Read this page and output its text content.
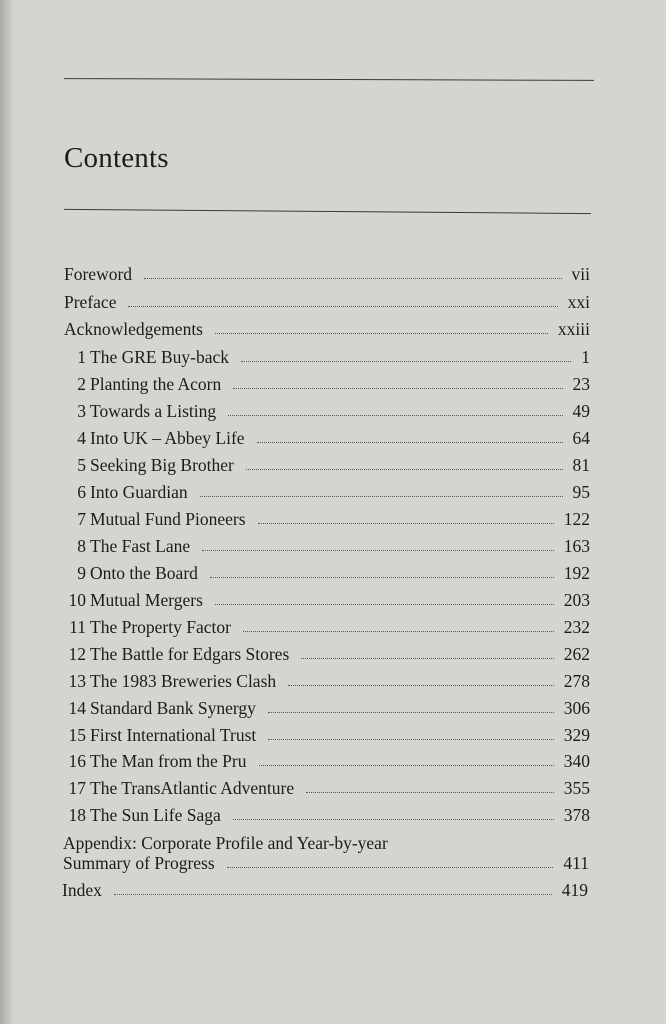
Contents
Foreword	vii
Preface	xxi
Acknowledgements	xxiii
1 The GRE Buy-back	1
2 Planting the Acorn	23
3 Towards a Listing	49
4 Into UK – Abbey Life	64
5 Seeking Big Brother	81
6 Into Guardian	95
7 Mutual Fund Pioneers	122
8 The Fast Lane	163
9 Onto the Board	192
10 Mutual Mergers	203
11 The Property Factor	232
12 The Battle for Edgars Stores	262
13 The 1983 Breweries Clash	278
14 Standard Bank Synergy	306
15 First International Trust	329
16 The Man from the Pru	340
17 The TransAtlantic Adventure	355
18 The Sun Life Saga	378
Appendix: Corporate Profile and Year-by-year
Summary of Progress	411
Index	419
